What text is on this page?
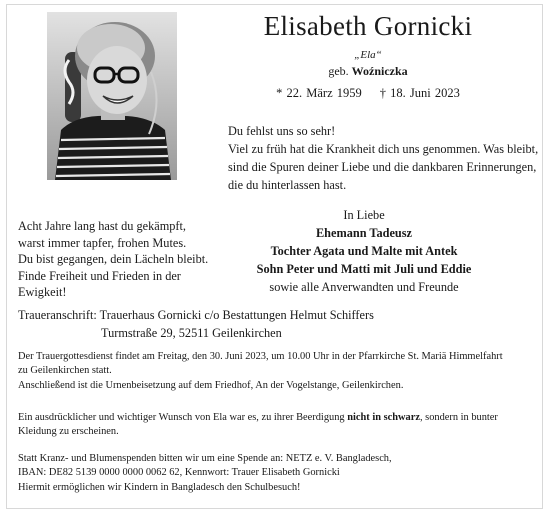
Elisabeth Gornicki
„Ela“
geb. Woźniczka
* 22. März 1959 † 18. Juni 2023
Du fehlst uns so sehr!
Viel zu früh hat die Krankheit dich uns genommen. Was bleibt,
sind die Spuren deiner Liebe und die dankbaren Erinnerungen,
die du hinterlassen hast.
Acht Jahre lang hast du gekämpft,
warst immer tapfer, frohen Mutes.
Du bist gegangen, dein Lächeln bleibt.
Finde Freiheit und Frieden in der
Ewigkeit!
In Liebe
Ehemann Tadeusz
Tochter Agata und Malte mit Antek
Sohn Peter und Matti mit Juli und Eddie
sowie alle Anverwandten und Freunde
Traueranschrift: Trauerhaus Gornicki c/o Bestattungen Helmut Schiffers
Turmstraße 29, 52511 Geilenkirchen
Der Trauergottesdienst findet am Freitag, den 30. Juni 2023, um 10.00 Uhr in der Pfarrkirche St. Mariä Himmelfahrt
zu Geilenkirchen statt.
Anschließend ist die Urnenbeisetzung auf dem Friedhof, An der Vogelstange, Geilenkirchen.
Ein ausdrücklicher und wichtiger Wunsch von Ela war es, zu ihrer Beerdigung nicht in schwarz, sondern in bunter
Kleidung zu erscheinen.
Statt Kranz- und Blumenspenden bitten wir um eine Spende an: NETZ e. V. Bangladesch,
IBAN: DE82 5139 0000 0000 0062 62, Kennwort: Trauer Elisabeth Gornicki
Hiermit ermöglichen wir Kindern in Bangladesch den Schulbesuch!
